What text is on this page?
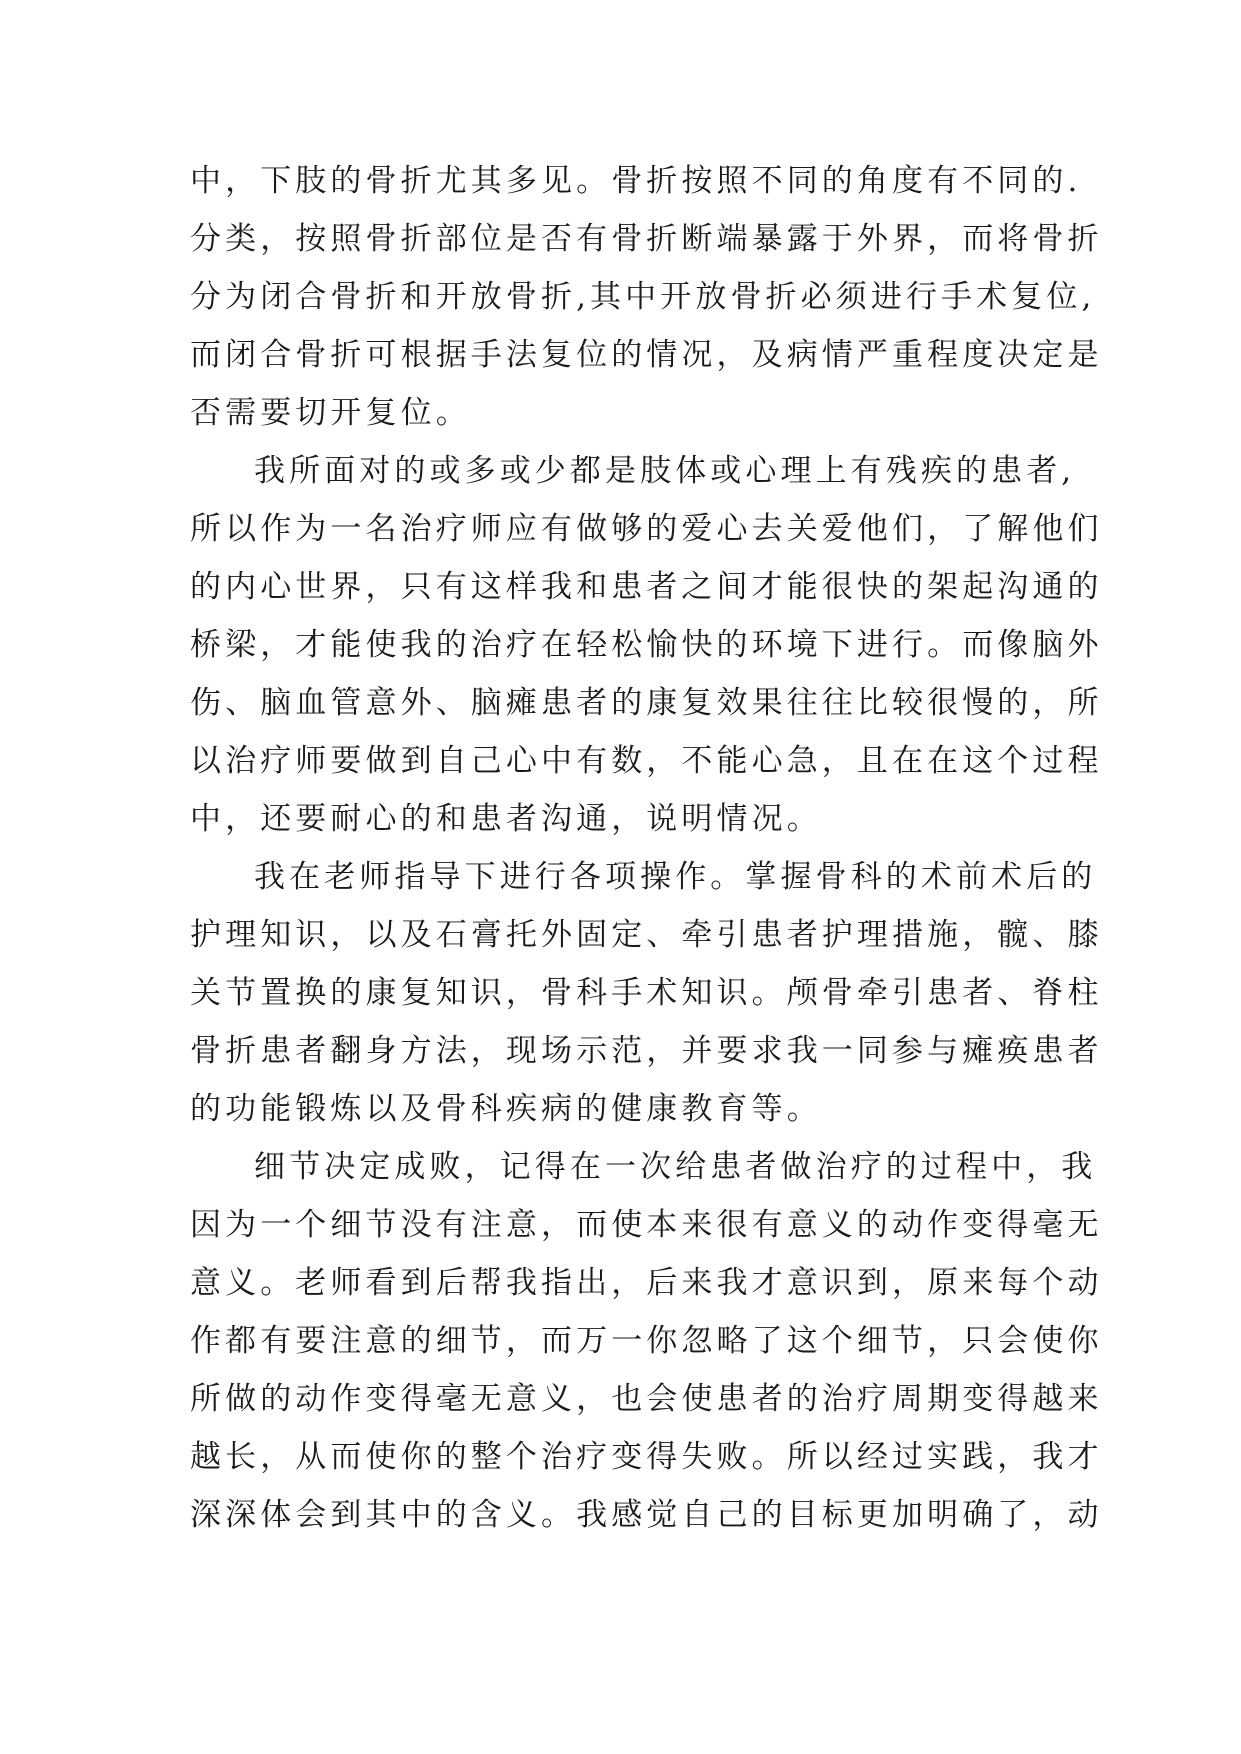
中，下肢的骨折尤其多见。骨折按照不同的角度有不同的.
分类，按照骨折部位是否有骨折断端暴露于外界，而将骨折
分为闭合骨折和开放骨折,其中开放骨折必须进行手术复位,
而闭合骨折可根据手法复位的情况，及病情严重程度决定是
否需要切开复位。
我所面对的或多或少都是肢体或心理上有残疾的患者,
所以作为一名治疗师应有做够的爱心去关爱他们，了解他们
的内心世界，只有这样我和患者之间才能很快的架起沟通的
桥梁，才能使我的治疗在轻松愉快的环境下进行。而像脑外
伤、脑血管意外、脑瘫患者的康复效果往往比较很慢的，所
以治疗师要做到自己心中有数，不能心急，且在在这个过程
中，还要耐心的和患者沟通，说明情况。
我在老师指导下进行各项操作。掌握骨科的术前术后的
护理知识，以及石膏托外固定、牵引患者护理措施，髋、膝
关节置换的康复知识，骨科手术知识。颅骨牵引患者、脊柱
骨折患者翻身方法，现场示范，并要求我一同参与瘫痪患者
的功能锻炼以及骨科疾病的健康教育等。
细节决定成败，记得在一次给患者做治疗的过程中，我
因为一个细节没有注意，而使本来很有意义的动作变得毫无
意义。老师看到后帮我指出，后来我才意识到，原来每个动
作都有要注意的细节，而万一你忽略了这个细节，只会使你
所做的动作变得毫无意义，也会使患者的治疗周期变得越来
越长，从而使你的整个治疗变得失败。所以经过实践，我才
深深体会到其中的含义。我感觉自己的目标更加明确了，动
